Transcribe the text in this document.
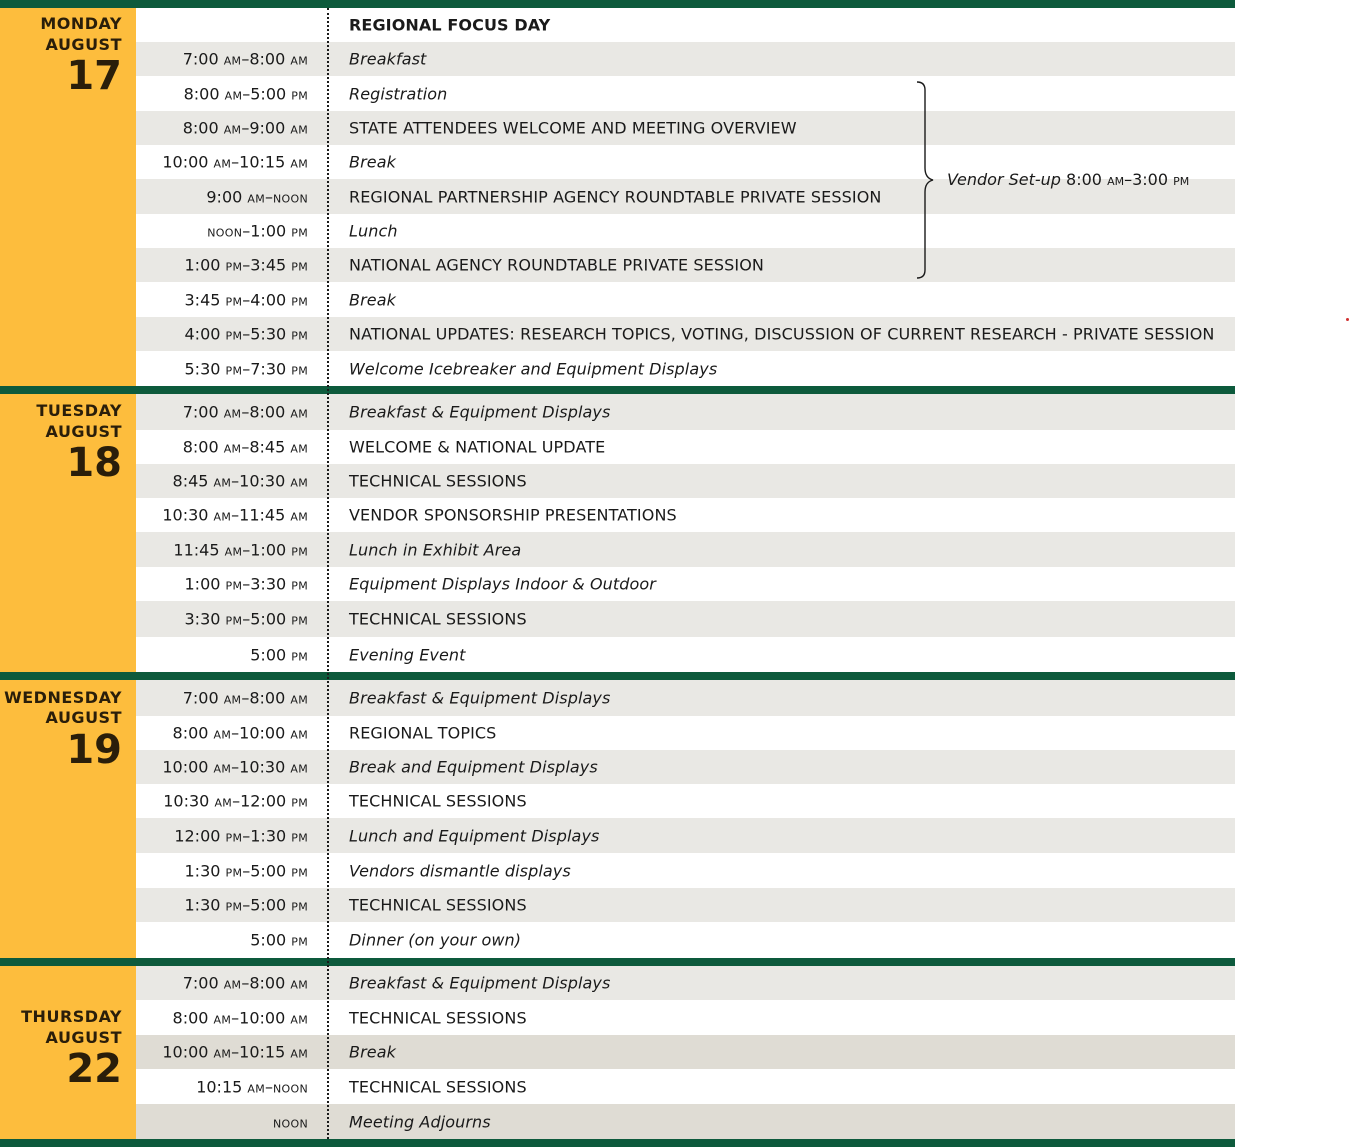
MONDAY
AUGUST
17
REGIONAL FOCUS DAY
7:00 AM–8:00 AM	Breakfast
8:00 AM–5:00 PM	Registration
8:00 AM–9:00 AM	STATE ATTENDEES WELCOME AND MEETING OVERVIEW
10:00 AM–10:15 AM	Break
9:00 AM–NOON	REGIONAL PARTNERSHIP AGENCY ROUNDTABLE PRIVATE SESSION
NOON–1:00 PM	Lunch
1:00 PM–3:45 PM	NATIONAL AGENCY ROUNDTABLE PRIVATE SESSION
3:45 PM–4:00 PM	Break
4:00 PM–5:30 PM	NATIONAL UPDATES: RESEARCH TOPICS, VOTING, DISCUSSION OF CURRENT RESEARCH - PRIVATE SESSION
5:30 PM–7:30 PM	Welcome Icebreaker and Equipment Displays
TUESDAY
AUGUST
18
7:00 AM–8:00 AM	Breakfast & Equipment Displays
8:00 AM–8:45 AM	WELCOME & NATIONAL UPDATE
8:45 AM–10:30 AM	TECHNICAL SESSIONS
10:30 AM–11:45 AM	VENDOR SPONSORSHIP PRESENTATIONS
11:45 AM–1:00 PM	Lunch in Exhibit Area
1:00 PM–3:30 PM	Equipment Displays Indoor & Outdoor
3:30 PM–5:00 PM	TECHNICAL SESSIONS
5:00 PM	Evening Event
WEDNESDAY
AUGUST
19
7:00 AM–8:00 AM	Breakfast & Equipment Displays
8:00 AM–10:00 AM	REGIONAL TOPICS
10:00 AM–10:30 AM	Break and Equipment Displays
10:30 AM–12:00 PM	TECHNICAL SESSIONS
12:00 PM–1:30 PM	Lunch and Equipment Displays
1:30 PM–5:00 PM	Vendors dismantle displays
1:30 PM–5:00 PM	TECHNICAL SESSIONS
5:00 PM	Dinner (on your own)
THURSDAY
AUGUST
22
7:00 AM–8:00 AM	Breakfast & Equipment Displays
8:00 AM–10:00 AM	TECHNICAL SESSIONS
10:00 AM–10:15 AM	Break
10:15 AM–NOON	TECHNICAL SESSIONS
NOON	Meeting Adjourns
Vendor Set-up 8:00 AM–3:00 PM
